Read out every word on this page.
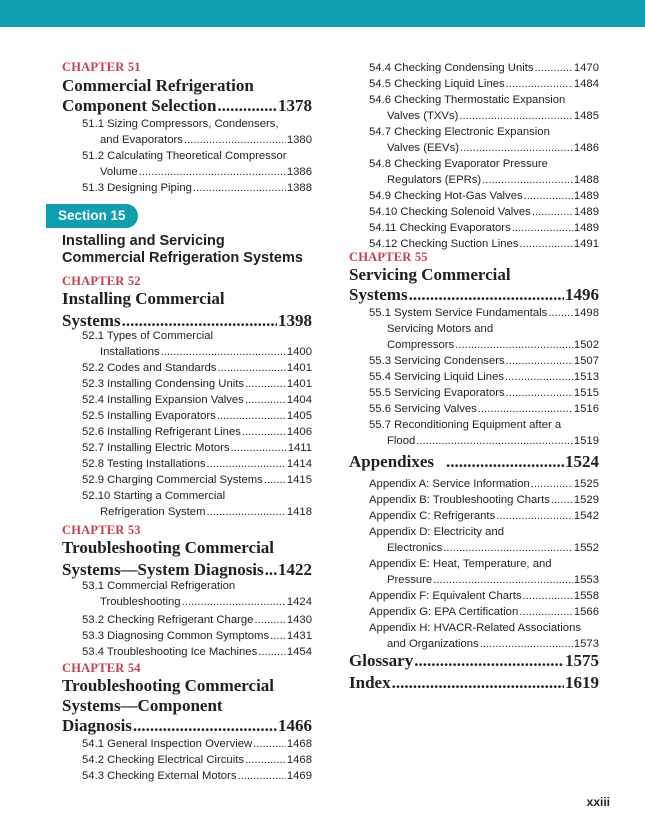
CHAPTER 51
Commercial Refrigeration
Component Selection .....	1378
51.1 Sizing Compressors, Condensers,
and Evaporators .....	1380
51.2 Calculating Theoretical Compressor
Volume .....	1386
51.3 Designing Piping .....	1388
Section 15
Installing and Servicing
Commercial Refrigeration Systems
CHAPTER 52
Installing Commercial
Systems .....	1398
52.1 Types of Commercial
Installations .....	1400
52.2 Codes and Standards .....	1401
52.3 Installing Condensing Units .....	1401
52.4 Installing Expansion Valves .....	1404
52.5 Installing Evaporators .....	1405
52.6 Installing Refrigerant Lines .....	1406
52.7 Installing Electric Motors .....	1411
52.8 Testing Installations .....	1414
52.9 Charging Commercial Systems ..... 1415
52.10 Starting a Commercial
Refrigeration System .....	1418
CHAPTER 53
Troubleshooting Commercial
Systems—System Diagnosis ..... 1422
53.1 Commercial Refrigeration
Troubleshooting .....	1424
53.2 Checking Refrigerant Charge .....	1430
53.3 Diagnosing Common Symptoms ..... 1431
53.4 Troubleshooting Ice Machines .....	1454
CHAPTER 54
Troubleshooting Commercial
Systems—Component
Diagnosis .....	1466
54.1 General Inspection Overview .....	1468
54.2 Checking Electrical Circuits .....	1468
54.3 Checking External Motors .....	1469
54.4 Checking Condensing Units .....	1470
54.5 Checking Liquid Lines .....	1484
54.6 Checking Thermostatic Expansion
Valves (TXVs) .....	1485
54.7 Checking Electronic Expansion
Valves (EEVs) .....	1486
54.8 Checking Evaporator Pressure
Regulators (EPRs) .....	1488
54.9 Checking Hot-Gas Valves .....	1489
54.10 Checking Solenoid Valves .....	1489
54.11 Checking Evaporators .....	1489
54.12 Checking Suction Lines .....	1491
CHAPTER 55
Servicing Commercial
Systems .....	1496
55.1 System Service Fundamentals ..... 1498
Servicing Motors and
Compressors .....	1502
55.3 Servicing Condensers .....	1507
55.4 Servicing Liquid Lines .....	1513
55.5 Servicing Evaporators .....	1515
55.6 Servicing Valves .....	1516
55.7 Reconditioning Equipment after a
Flood .....	1519
Appendixes .....	1524
Appendix A: Service Information .....	1525
Appendix B: Troubleshooting Charts ..... 1529
Appendix C: Refrigerants .....	1542
Appendix D: Electricity and
Electronics .....	1552
Appendix E: Heat, Temperature, and
Pressure .....	1553
Appendix F: Equivalent Charts .....	1558
Appendix G: EPA Certification .....	1566
Appendix H: HVACR-Related Associations
and Organizations .....	1573
Glossary .....	1575
Index .....	1619
xxiii
